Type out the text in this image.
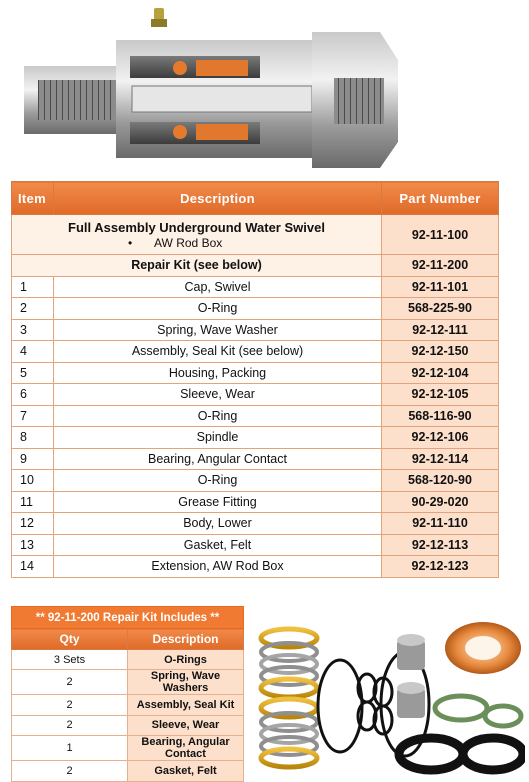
Item	Description	Part Number

Full Assembly Underground Water Swivel
• AW Rod Box		92-11-100
Repair Kit (see below)		92-11-200
1	Cap, Swivel	92-11-101
2	O-Ring	568-225-90
3	Spring, Wave Washer	92-12-111
4	Assembly, Seal Kit (see below)	92-12-150
5	Housing, Packing	92-12-104
6	Sleeve, Wear	92-12-105
7	O-Ring	568-116-90
8	Spindle	92-12-106
9	Bearing, Angular Contact	92-12-114
10	O-Ring	568-120-90
11	Grease Fitting	90-29-020
12	Body, Lower	92-11-110
13	Gasket, Felt	92-12-113
14	Extension, AW Rod Box	92-12-123
** 92-11-200 Repair Kit Includes **	
Qty	Description
3 Sets	O-Rings
2	Spring, Wave Washers
2	Assembly, Seal Kit
2	Sleeve, Wear
1	Bearing, Angular Contact
2	Gasket, Felt
